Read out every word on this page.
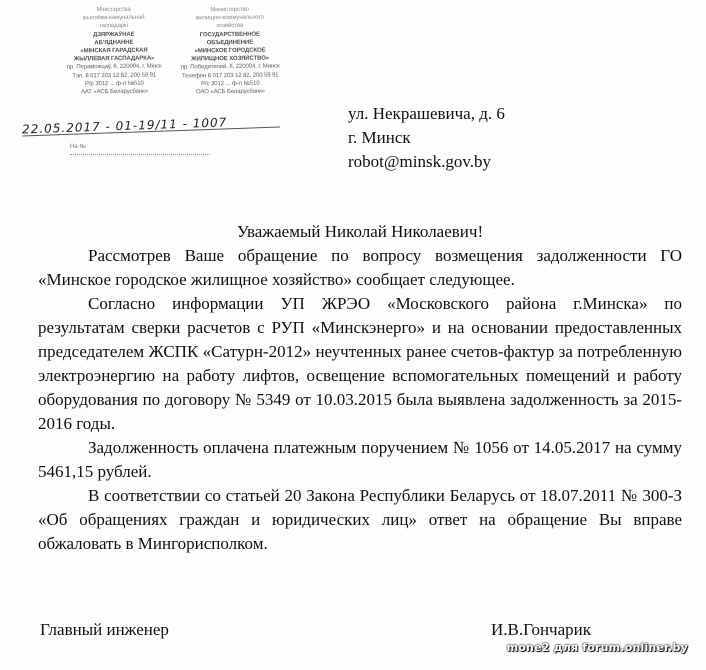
Міністэрства
жыллёва-камунальнай
гаспадаркі
ДЗЯРЖАЎНАЕ
АБ'ЯДНАННЕ
«МІНСКАЯ ГАРАДСКАЯ
ЖЫЛЛЁВАЯ ГАСПАДАРКА»
пр. Пераможцаў, 6, 220004, г. Мінск
Тэл. 8 017 203 12 82, 200 59 91
Р/р 3012 ... ф-л №510
ААТ «АСБ Беларусбанк»
Министерство
жилищно-коммунального
хозяйства
ГОСУДАРСТВЕННОЕ
ОБЪЕДИНЕНИЕ
«МИНСКОЕ ГОРОДСКОЕ
ЖИЛИЩНОЕ ХОЗЯЙСТВО»
пр. Победителей, 6, 220004, г. Минск
Телефон 8 017 203 12 82, 200 59 91
Р/с 3012 ... ф-л №510
ОАО «АСБ Беларусбанк»
22.05.2017 - 01-19/11 - 1007
На №
ул. Некрашевича, д. 6
г. Минск
robot@minsk.gov.by
Уважаемый Николай Николаевич!

Рассмотрев Ваше обращение по вопросу возмещения задолженности ГО «Минское городское жилищное хозяйство» сообщает следующее.

Согласно информации УП ЖРЭО «Московского района г.Минска» по результатам сверки расчетов с РУП «Минскэнерго» и на основании предоставленных председателем ЖСПК «Сатурн-2012» неучтенных ранее счетов-фактур за потребленную электроэнергию на работу лифтов, освещение вспомогательных помещений и работу оборудования по договору № 5349 от 10.03.2015 была выявлена задолженность за 2015-2016 годы.

Задолженность оплачена платежным поручением № 1056 от 14.05.2017 на сумму 5461,15 рублей.

В соответствии со статьей 20 Закона Республики Беларусь от 18.07.2011 № 300-З «Об обращениях граждан и юридических лиц» ответ на обращение Вы вправе обжаловать в Мингорисполком.

Главный инженер	И.В.Гончарик
mone2 для forum.onliner.by
